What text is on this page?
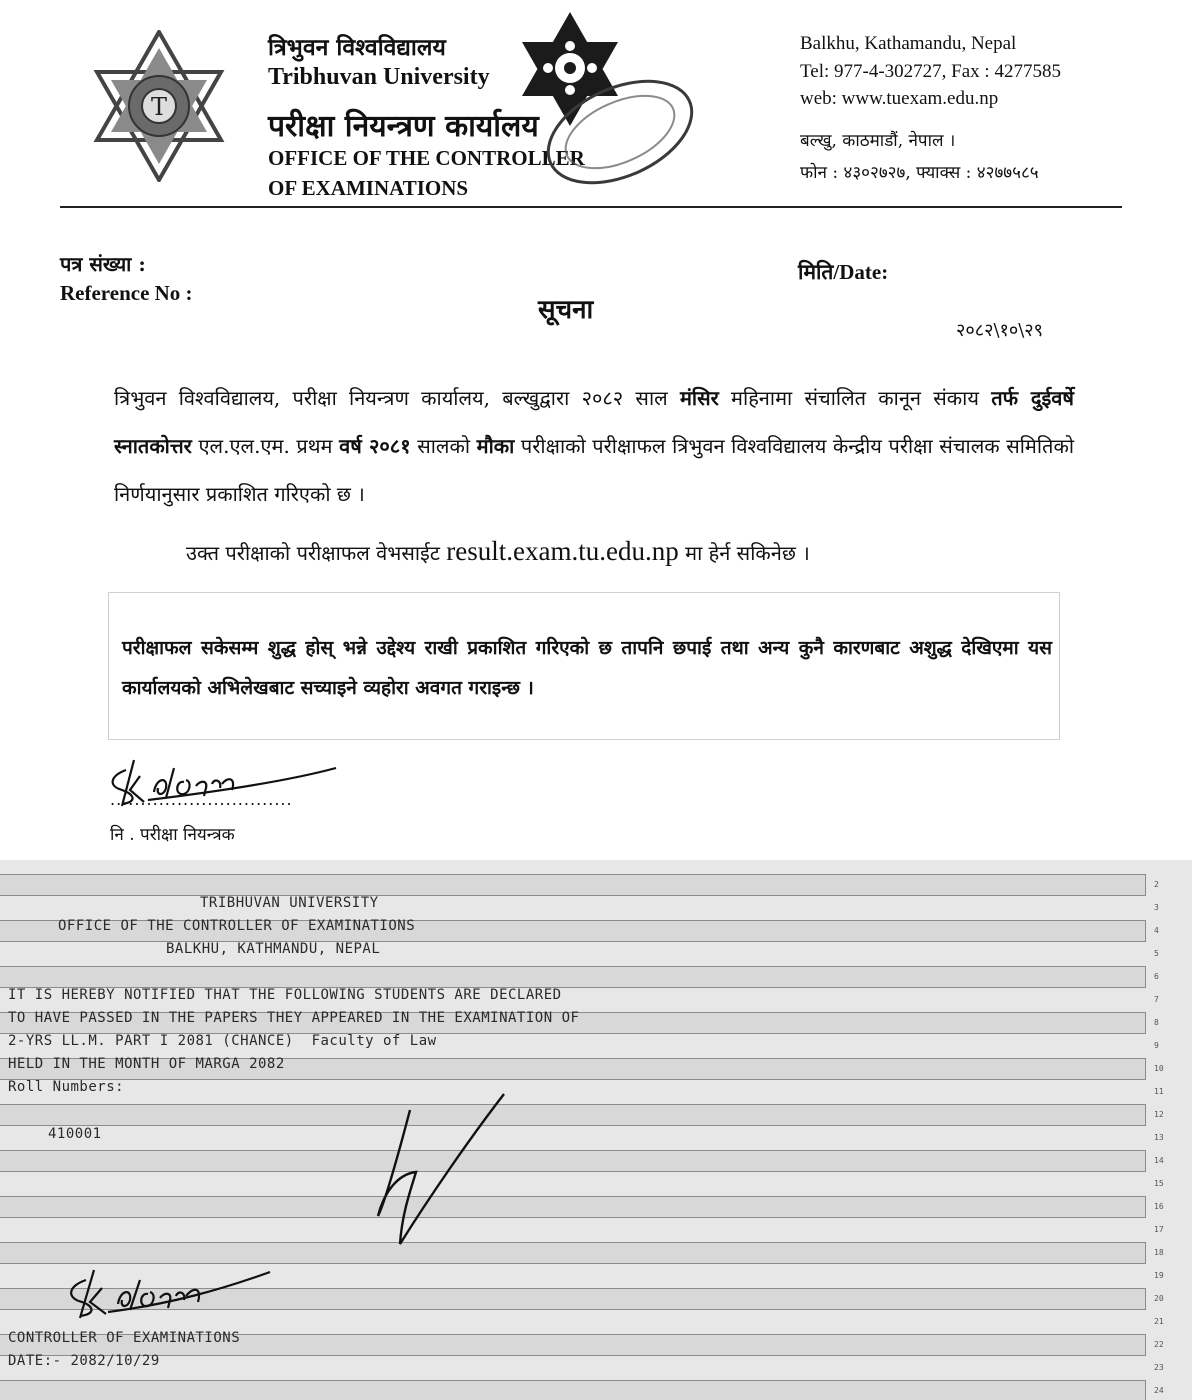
T
त्रिभुवन विश्वविद्यालय
Tribhuvan University
परीक्षा नियन्त्रण कार्यालय
OFFICE OF THE CONTROLLER
OF EXAMINATIONS
Balkhu, Kathamandu, Nepal
Tel: 977-4-302727, Fax : 4277585
web: www.tuexam.edu.np
बल्खु, काठमाडौं, नेपाल ।
फोन : ४३०२७२७, फ्याक्स : ४२७७५८५
पत्र संख्या :
Reference No :
मिति/Date:
सूचना
२०८२\१०\२९
त्रिभुवन विश्वविद्यालय, परीक्षा नियन्त्रण कार्यालय, बल्खुद्वारा २०८२ साल मंसिर महिनामा संचालित कानून संकाय तर्फ दुईवर्षे स्नातकोत्तर एल.एल.एम. प्रथम वर्ष २०८१ सालको मौका परीक्षाको परीक्षाफल त्रिभुवन विश्वविद्यालय केन्द्रीय परीक्षा संचालक समितिको निर्णयानुसार प्रकाशित गरिएको छ ।
उक्त परीक्षाको परीक्षाफल वेभसाईट result.exam.tu.edu.np मा हेर्न सकिनेछ ।
परीक्षाफल सकेसम्म शुद्ध होस् भन्ने उद्देश्य राखी प्रकाशित गरिएको छ तापनि छपाई तथा अन्य कुनै कारणबाट अशुद्ध देखिएमा यस कार्यालयको अभिलेखबाट सच्याइने व्यहोरा अवगत गराइन्छ ।
..............................
नि . परीक्षा नियन्त्रक
2
3
4
5
6
7
8
9
10
11
12
13
14
15
16
17
18
19
20
21
22
23
24
TRIBHUVAN UNIVERSITY
OFFICE OF THE CONTROLLER OF EXAMINATIONS
BALKHU, KATHMANDU, NEPAL
IT IS HEREBY NOTIFIED THAT THE FOLLOWING STUDENTS ARE DECLARED
TO HAVE PASSED IN THE PAPERS THEY APPEARED IN THE EXAMINATION OF
2-YRS LL.M. PART I 2081 (CHANCE)  Faculty of Law
HELD IN THE MONTH OF MARGA 2082
Roll Numbers:
410001
CONTROLLER OF EXAMINATIONS
DATE:- 2082/10/29
